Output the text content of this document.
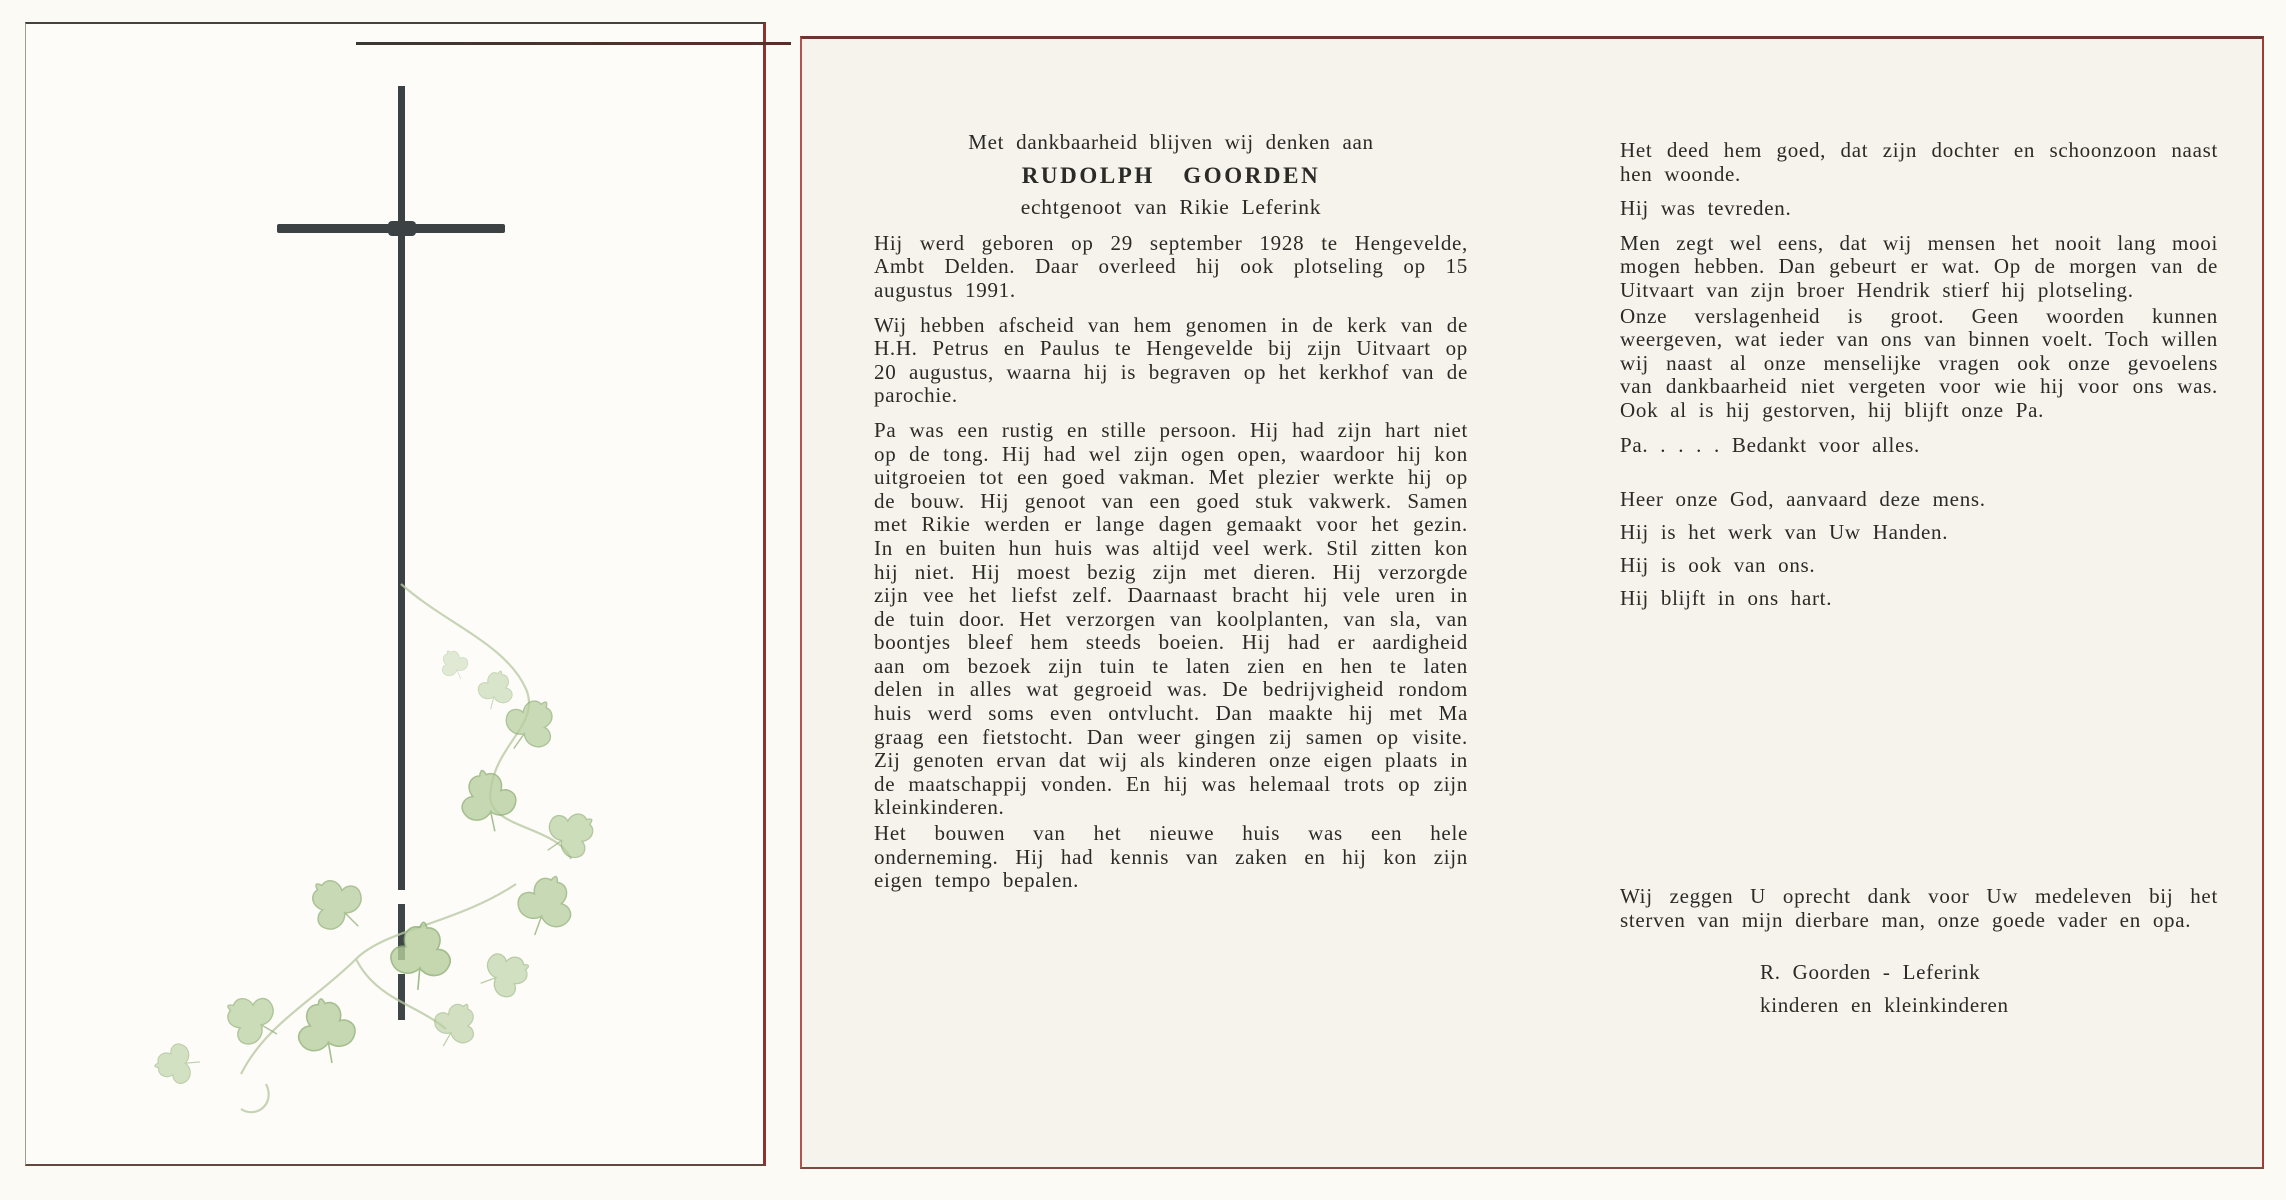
Met dankbaarheid blijven wij denken aan

RUDOLPH GOORDEN

echtgenoot van Rikie Leferink

Hij werd geboren op 29 september 1928 te Hengevelde, Ambt Delden. Daar overleed hij ook plotseling op 15 augustus 1991.

Wij hebben afscheid van hem genomen in de kerk van de H.H. Petrus en Paulus te Hengevelde bij zijn Uitvaart op 20 augustus, waarna hij is begraven op het kerkhof van de parochie.

Pa was een rustig en stille persoon. Hij had zijn hart niet op de tong. Hij had wel zijn ogen open, waardoor hij kon uitgroeien tot een goed vakman. Met plezier werkte hij op de bouw. Hij genoot van een goed stuk vakwerk. Samen met Rikie werden er lange dagen gemaakt voor het gezin. In en buiten hun huis was altijd veel werk. Stil zitten kon hij niet. Hij moest bezig zijn met dieren. Hij verzorgde zijn vee het liefst zelf. Daarnaast bracht hij vele uren in de tuin door. Het verzorgen van koolplanten, van sla, van boontjes bleef hem steeds boeien. Hij had er aardigheid aan om bezoek zijn tuin te laten zien en hen te laten delen in alles wat gegroeid was. De bedrijvigheid rondom huis werd soms even ontvlucht. Dan maakte hij met Ma graag een fietstocht. Dan weer gingen zij samen op visite. Zij genoten ervan dat wij als kinderen onze eigen plaats in de maatschappij vonden. En hij was helemaal trots op zijn kleinkinderen.

Het bouwen van het nieuwe huis was een hele onderneming. Hij had kennis van zaken en hij kon zijn eigen tempo bepalen.

Het deed hem goed, dat zijn dochter en schoonzoon naast hen woonde.

Hij was tevreden.

Men zegt wel eens, dat wij mensen het nooit lang mooi mogen hebben. Dan gebeurt er wat. Op de morgen van de Uitvaart van zijn broer Hendrik stierf hij plotseling.

Onze verslagenheid is groot. Geen woorden kunnen weergeven, wat ieder van ons van binnen voelt. Toch willen wij naast al onze menselijke vragen ook onze gevoelens van dankbaarheid niet vergeten voor wie hij voor ons was. Ook al is hij gestorven, hij blijft onze Pa.

Pa. . . . . Bedankt voor alles.

Heer onze God, aanvaard deze mens.

Hij is het werk van Uw Handen.

Hij is ook van ons.

Hij blijft in ons hart.

Wij zeggen U oprecht dank voor Uw medeleven bij het sterven van mijn dierbare man, onze goede vader en opa.

R. Goorden - Leferink

kinderen en kleinkinderen
